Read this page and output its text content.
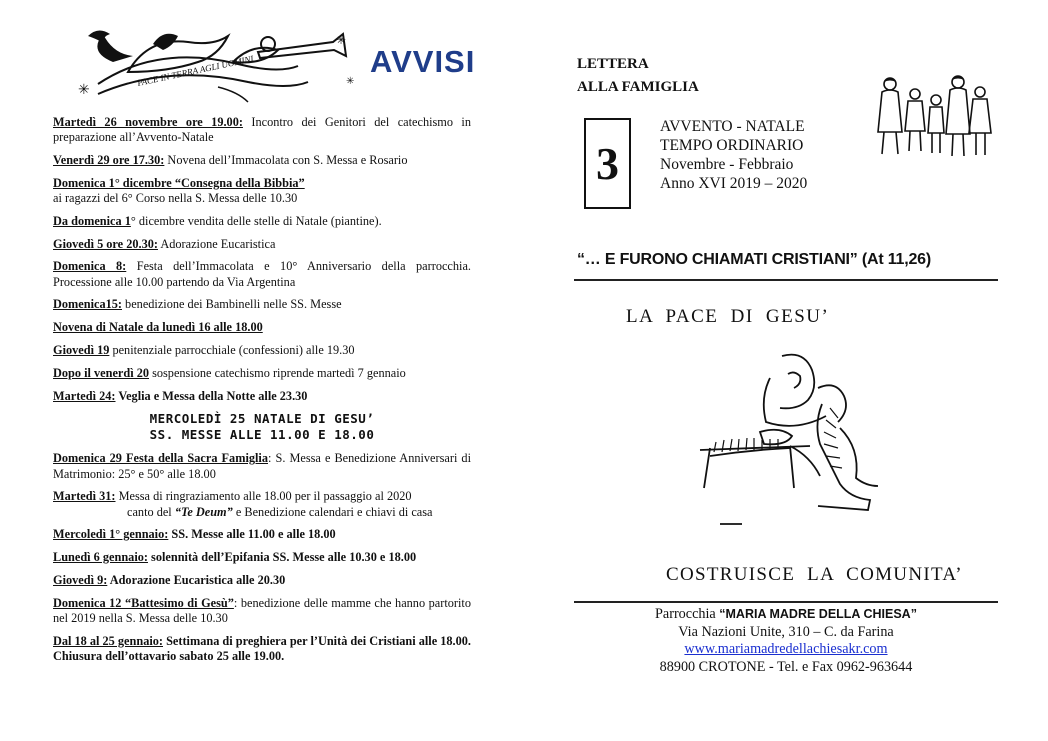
PACE IN TERRA AGLI UOMINI
✳
✳
✳
AVVISI
Martedì 26 novembre ore 19.00: Incontro dei Genitori del catechismo in preparazione all’Avvento-Natale
Venerdì 29 ore 17.30: Novena dell’Immacolata con S. Messa e Rosario
Domenica 1° dicembre “Consegna della Bibbia”
ai ragazzi del 6° Corso nella S. Messa delle 10.30
Da domenica 1° dicembre vendita delle stelle di Natale (piantine).
Giovedì 5 ore 20.30: Adorazione Eucaristica
Domenica 8: Festa dell’Immacolata e 10° Anniversario della parrocchia. Processione alle 10.00 partendo da Via Argentina
Domenica15: benedizione dei Bambinelli nelle SS. Messe
Novena di Natale da lunedì 16 alle 18.00
Giovedì 19 penitenziale parrocchiale (confessioni) alle 19.30
Dopo il venerdì 20 sospensione catechismo riprende martedì 7 gennaio
Martedì 24: Veglia e Messa della Notte alle 23.30
MERCOLEDÌ 25 NATALE DI GESU’
SS. MESSE ALLE 11.00 E 18.00
Domenica 29 Festa della Sacra Famiglia: S. Messa e Benedizione Anniversari di Matrimonio: 25° e 50° alle 18.00
Martedì 31: Messa di ringraziamento alle 18.00 per il passaggio al 2020
canto del “Te Deum” e Benedizione calendari e chiavi di casa
Mercoledì 1° gennaio: SS. Messe alle 11.00 e alle 18.00
Lunedì 6 gennaio: solennità dell’Epifania SS. Messe alle 10.30 e 18.00
Giovedì 9: Adorazione Eucaristica alle 20.30
Domenica 12 “Battesimo di Gesù”: benedizione delle mamme che hanno partorito nel 2019 nella S. Messa delle 10.30
Dal 18 al 25 gennaio: Settimana di preghiera per l’Unità dei Cristiani alle 18.00. Chiusura dell’ottavario sabato 25 alle 19.00.
LETTERA
ALLA FAMIGLIA
3
AVVENTO - NATALE
TEMPO ORDINARIO
Novembre - Febbraio
Anno XVI 2019 – 2020
“… E FURONO CHIAMATI CRISTIANI” (At 11,26)
LA PACE DI GESU’
COSTRUISCE LA COMUNITA’
Parrocchia “MARIA MADRE DELLA CHIESA”
Via Nazioni Unite, 310 – C. da Farina
www.mariamadredellachiesakr.com
88900 CROTONE - Tel. e Fax 0962-963644
